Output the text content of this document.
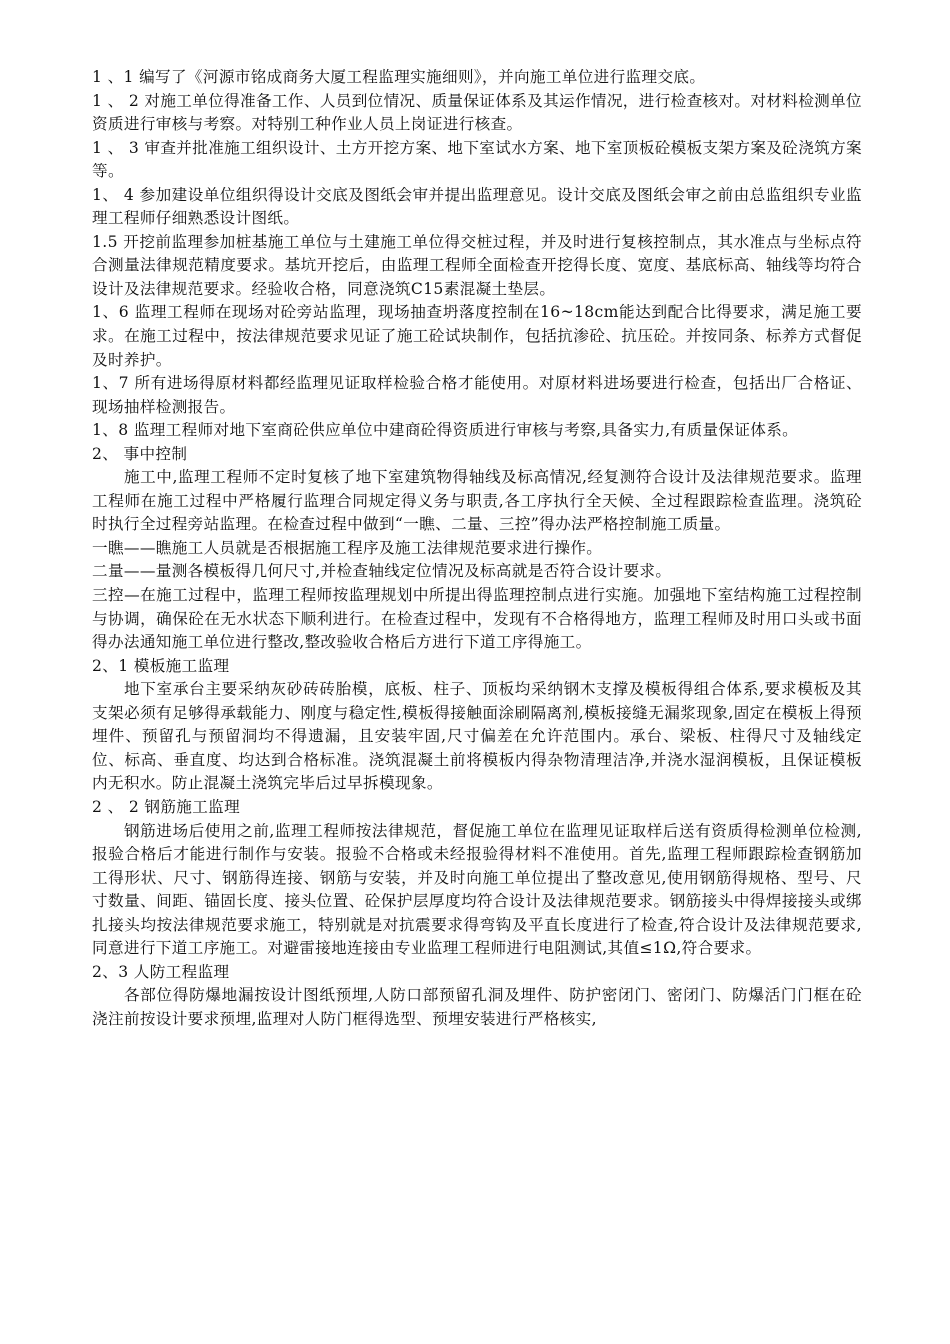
1 、1 编写了《河源市铭成商务大厦工程监理实施细则》，并向施工单位进行监理交底。

1 、 2 对施工单位得准备工作、人员到位情况、质量保证体系及其运作情况，进行检查核对。对材料检测单位资质进行审核与考察。对特别工种作业人员上岗证进行核查。

1 、 3 审查并批准施工组织设计、土方开挖方案、地下室试水方案、地下室顶板砼模板支架方案及砼浇筑方案等。

1、 4 参加建设单位组织得设计交底及图纸会审并提出监理意见。设计交底及图纸会审之前由总监组织专业监理工程师仔细熟悉设计图纸。

1.5 开挖前监理参加桩基施工单位与土建施工单位得交桩过程，并及时进行复核控制点，其水准点与坐标点符合测量法律规范精度要求。基坑开挖后，由监理工程师全面检查开挖得长度、宽度、基底标高、轴线等均符合设计及法律规范要求。经验收合格，同意浇筑C15素混凝土垫层。

1、6 监理工程师在现场对砼旁站监理，现场抽查坍落度控制在16~18cm能达到配合比得要求，满足施工要求。在施工过程中，按法律规范要求见证了施工砼试块制作，包括抗渗砼、抗压砼。并按同条、标养方式督促及时养护。

1、7 所有进场得原材料都经监理见证取样检验合格才能使用。对原材料进场要进行检查，包括出厂合格证、现场抽样检测报告。

1、8 监理工程师对地下室商砼供应单位中建商砼得资质进行审核与考察,具备实力,有质量保证体系。

2、 事中控制

施工中,监理工程师不定时复核了地下室建筑物得轴线及标高情况,经复测符合设计及法律规范要求。监理工程师在施工过程中严格履行监理合同规定得义务与职责,各工序执行全天候、全过程跟踪检查监理。浇筑砼时执行全过程旁站监理。在检查过程中做到“一瞧、二量、三控”得办法严格控制施工质量。

一瞧——瞧施工人员就是否根据施工程序及施工法律规范要求进行操作。

二量——量测各模板得几何尺寸,并检查轴线定位情况及标高就是否符合设计要求。

三控—在施工过程中，监理工程师按监理规划中所提出得监理控制点进行实施。加强地下室结构施工过程控制与协调，确保砼在无水状态下顺利进行。在检查过程中，发现有不合格得地方，监理工程师及时用口头或书面得办法通知施工单位进行整改,整改验收合格后方进行下道工序得施工。

2、1 模板施工监理

地下室承台主要采纳灰砂砖砖胎模，底板、柱子、顶板均采纳钢木支撑及模板得组合体系,要求模板及其支架必须有足够得承载能力、刚度与稳定性,模板得接触面涂刷隔离剂,模板接缝无漏浆现象,固定在模板上得预埋件、预留孔与预留洞均不得遗漏，且安装牢固,尺寸偏差在允许范围内。承台、梁板、柱得尺寸及轴线定位、标高、垂直度、均达到合格标准。浇筑混凝土前将模板内得杂物清理洁净,并浇水湿润模板，且保证模板内无积水。防止混凝土浇筑完毕后过早拆模现象。

2 、 2 钢筋施工监理

钢筋进场后使用之前,监理工程师按法律规范，督促施工单位在监理见证取样后送有资质得检测单位检测,报验合格后才能进行制作与安装。报验不合格或未经报验得材料不准使用。首先,监理工程师跟踪检查钢筋加工得形状、尺寸、钢筋得连接、钢筋与安装，并及时向施工单位提出了整改意见,使用钢筋得规格、型号、尺寸数量、间距、锚固长度、接头位置、砼保护层厚度均符合设计及法律规范要求。钢筋接头中得焊接接头或绑扎接头均按法律规范要求施工，特别就是对抗震要求得弯钩及平直长度进行了检查,符合设计及法律规范要求,同意进行下道工序施工。对避雷接地连接由专业监理工程师进行电阻测试,其值≤1Ω,符合要求。

2、3 人防工程监理

各部位得防爆地漏按设计图纸预埋,人防口部预留孔洞及埋件、防护密闭门、密闭门、防爆活门门框在砼浇注前按设计要求预埋,监理对人防门框得选型、预埋安装进行严格核实,
